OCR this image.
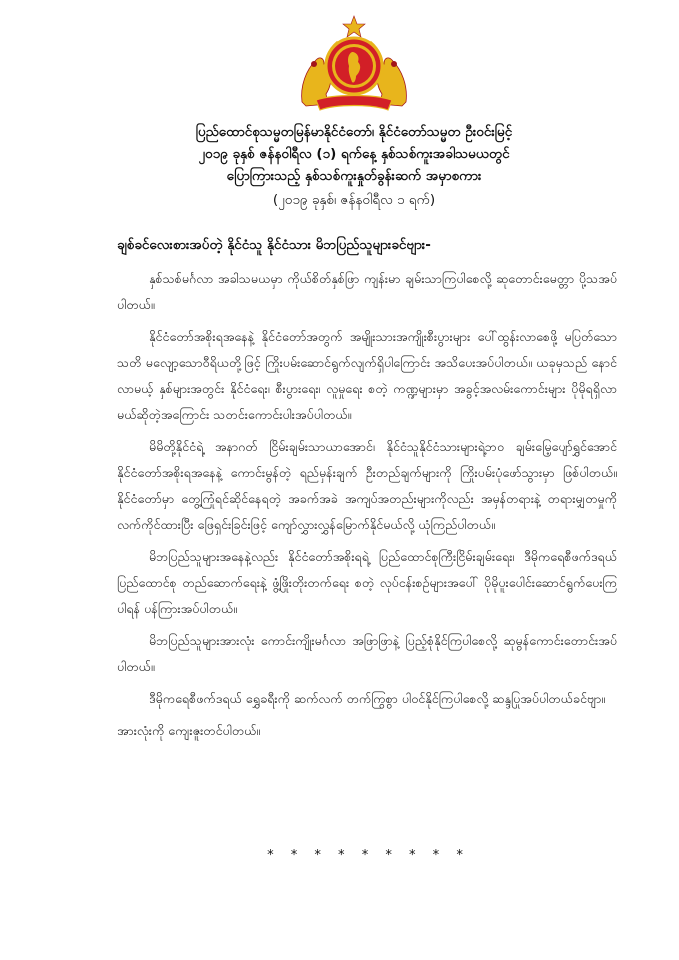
ပြည်ထောင်စုသမ္မတမြန်မာနိုင်ငံတော်၊ နိုင်ငံတော်သမ္မတ ဦးဝင်းမြင့်
၂၀၁၉ ခုနှစ် ဇန်နဝါရီလ (၁) ရက်နေ့ နှစ်သစ်ကူးအခါသမယတွင်
ပြောကြားသည့် နှစ်သစ်ကူးနှုတ်ခွန်းဆက် အမှာစကား
(၂၀၁၉ ခုနှစ်၊ ဇန်နဝါရီလ ၁ ရက်)
ချစ်ခင်လေးစားအပ်တဲ့ နိုင်ငံသူ နိုင်ငံသား မိဘပြည်သူများခင်ဗျား-

နှစ်သစ်မင်္ဂလာ အခါသမယမှာ ကိုယ်စိတ်နှစ်ဖြာ ကျန်းမာ ချမ်းသာကြပါစေလို့ ဆုတောင်းမေတ္တာ ပို့သအပ်ပါတယ်။

နိုင်ငံတော်အစိုးရအနေနဲ့ နိုင်ငံတော်အတွက် အမျိုးသားအကျိုးစီးပွားများ ပေါ်ထွန်းလာစေဖို့ မပြတ်သောသတိ မလျော့သောဝီရိယတို့ဖြင့် ကြိုးပမ်းဆောင်ရွက်လျက်ရှိပါကြောင်း အသိပေးအပ်ပါတယ်။ ယခုမှသည် နောင်လာမယ့် နှစ်များအတွင်း နိုင်ငံရေး၊ စီးပွားရေး၊ လူမှုရေး စတဲ့ ကဏ္ဍများမှာ အခွင့်အလမ်းကောင်းများ ပိုမိုရရှိလာမယ်ဆိုတဲ့အကြောင်း သတင်းကောင်းပါးအပ်ပါတယ်။

မိမိတို့နိုင်ငံရဲ့ အနာဂတ် ငြိမ်းချမ်းသာယာအောင်၊ နိုင်ငံသူနိုင်ငံသားများရဲ့ဘဝ ချမ်းမြေ့ပျော်ရွှင်အောင် နိုင်ငံတော်အစိုးရအနေနဲ့ ကောင်းမွန်တဲ့ ရည်မှန်းချက် ဦးတည်ချက်များကို ကြိုးပမ်းပုံဖော်သွားမှာ ဖြစ်ပါတယ်။ နိုင်ငံတော်မှာ တွေ့ကြုံရင်ဆိုင်နေရတဲ့ အခက်အခဲ အကျပ်အတည်းများကိုလည်း အမှန်တရားနဲ့ တရားမျှတမှုကို လက်ကိုင်ထားပြီး ဖြေရှင်းခြင်းဖြင့် ကျော်လွှားလွှန်မြောက်နိုင်မယ်လို့ ယုံကြည်ပါတယ်။

မိဘပြည်သူများအနေနဲ့လည်း နိုင်ငံတော်အစိုးရရဲ့ ပြည်ထောင်စုကြီးငြိမ်းချမ်းရေး၊ ဒီမိုကရေစီဖက်ဒရယ်ပြည်ထောင်စု တည်ဆောက်ရေးနဲ့ ဖွံ့ဖြိုးတိုးတက်ရေး စတဲ့ လုပ်ငန်းစဉ်များအပေါ် ပိုမိုပူးပေါင်းဆောင်ရွက်ပေးကြပါရန် ပန်ကြားအပ်ပါတယ်။

မိဘပြည်သူများအားလုံး ကောင်းကျိုးမင်္ဂလာ အဖြာဖြာနဲ့ ပြည့်စုံနိုင်ကြပါစေလို့ ဆုမွန်ကောင်းတောင်းအပ်ပါတယ်။

ဒီမိုကရေစီဖက်ဒရယ် ရွှေခရီးကို ဆက်လက် တက်ကြွစွာ ပါဝင်နိုင်ကြပါစေလို့ ဆန္ဒပြုအပ်ပါတယ်ခင်ဗျာ။

အားလုံးကို ကျေးဇူးတင်ပါတယ်။

* * * * * * * * *
